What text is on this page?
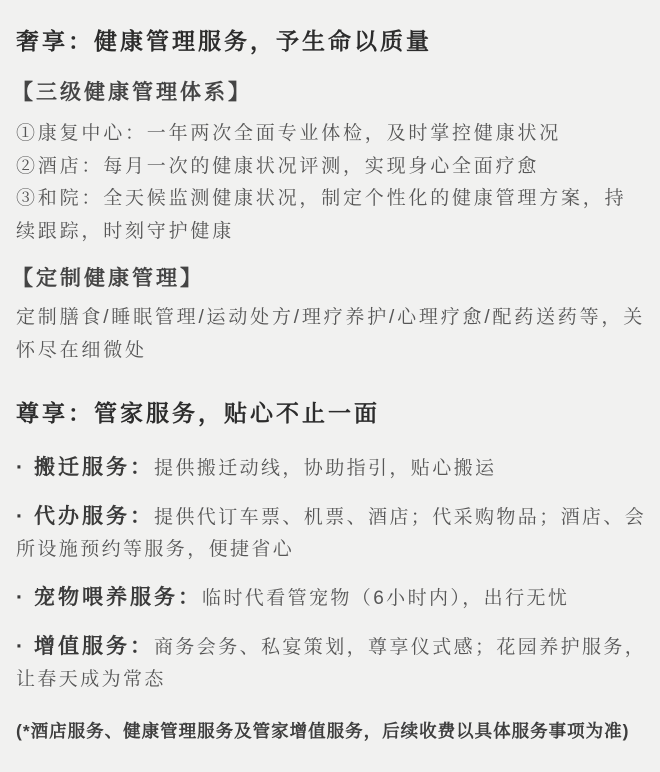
奢享：健康管理服务，予生命以质量
【三级健康管理体系】

①康复中心：一年两次全面专业体检，及时掌控健康状况

②酒店：每月一次的健康状况评测，实现身心全面疗愈

③和院：全天候监测健康状况，制定个性化的健康管理方案，持续跟踪，时刻守护健康

【定制健康管理】

定制膳食/睡眠管理/运动处方/理疗养护/心理疗愈/配药送药等，关怀尽在细微处

尊享：管家服务，贴心不止一面

· 搬迁服务：提供搬迁动线，协助指引，贴心搬运

· 代办服务：提供代订车票、机票、酒店；代采购物品；酒店、会所设施预约等服务，便捷省心

· 宠物喂养服务：临时代看管宠物（6小时内），出行无忧

· 增值服务：商务会务、私宴策划，尊享仪式感；花园养护服务，让春天成为常态

(*酒店服务、健康管理服务及管家增值服务，后续收费以具体服务事项为准)
